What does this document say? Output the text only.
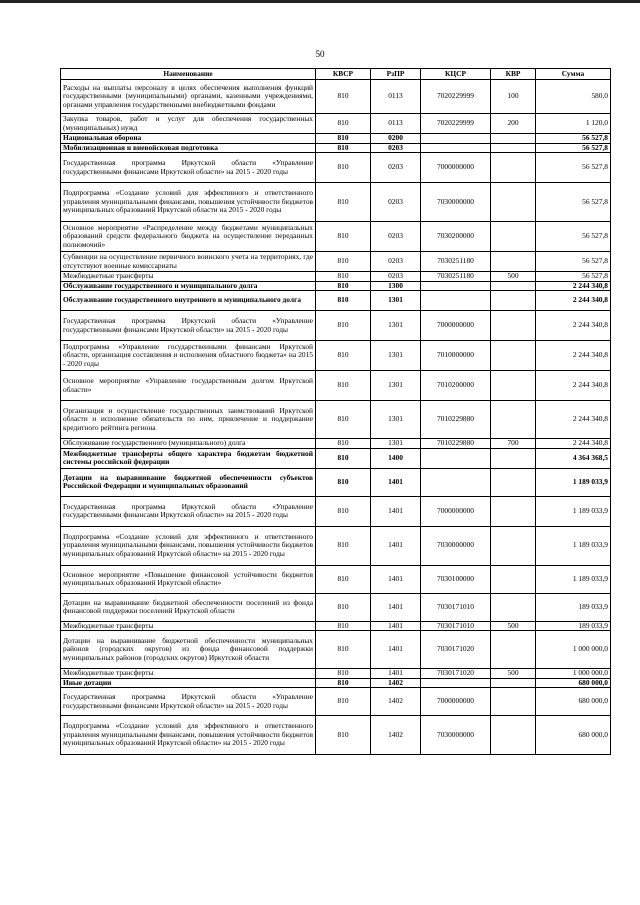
50
Наименование	КВСР	РзПР	КЦСР	КВР	Сумма
Расходы на выплаты персоналу в целях обеспечения выполнения функций государственными (муниципальными) органами, казенными учреждениями, органами управления государственными внебюджетными фондами	810	0113	7020229999	100	580,0
Закупка товаров, работ и услуг для обеспечения государственных (муниципальных) нужд	810	0113	7020229999	200	1 120,0
Национальная оборона	810	0200			56 527,8
Мобилизационная и вневойсковая подготовка	810	0203			56 527,8
Государственная программа Иркутской области «Управление государственными финансами Иркутской области» на 2015 - 2020 годы	810	0203	7000000000		56 527,8
Подпрограмма «Создание условий для эффективного и ответственного управления муниципальными финансами, повышения устойчивости бюджетов муниципальных образований Иркутской области на 2015 - 2020 годы	810	0203	7030000000		56 527,8
Основное мероприятие «Распределение между бюджетами муниципальных образований средств федерального бюджета на осуществление переданных полномочий»	810	0203	7030200000		56 527,8
Субвенции на осуществление первичного воинского учета на территориях, где отсутствуют военные комиссариаты	810	0203	7030251180		56 527,8
Межбюджетные трансферты	810	0203	7030251180	500	56 527,8
Обслуживание государственного и муниципального долга	810	1300			2 244 340,8
Обслуживание государственного внутреннего и муниципального долга	810	1301			2 244 340,8
Государственная программа Иркутской области «Управление государственными финансами Иркутской области» на 2015 - 2020 годы	810	1301	7000000000		2 244 340,8
Подпрограмма «Управление государственными финансами Иркутской области, организация составления и исполнения областного бюджета» на 2015 - 2020 годы	810	1301	7010000000		2 244 340,8
Основное мероприятие «Управление государственным долгом Иркутской области»	810	1301	7010200000		2 244 340,8
Организация и осуществление государственных заимствований Иркутской области и исполнение обязательств по ним, привлечение и поддержание кредитного рейтинга региона	810	1301	7010229880		2 244 340,8
Обслуживание государственного (муниципального) долга	810	1301	7010229880	700	2 244 340,8
Межбюджетные трансферты общего характера бюджетам бюджетной системы российской федерации	810	1400			4 364 368,5
Дотации на выравнивание бюджетной обеспеченности субъектов Российской Федерации и муниципальных образований	810	1401			1 189 033,9
Государственная программа Иркутской области «Управление государственными финансами Иркутской области» на 2015 - 2020 годы	810	1401	7000000000		1 189 033,9
Подпрограмма «Создание условий для эффективного и ответственного управления муниципальными финансами, повышения устойчивости бюджетов муниципальных образований Иркутской области» на 2015 - 2020 годы	810	1401	7030000000		1 189 033,9
Основное мероприятие «Повышение финансовой устойчивости бюджетов муниципальных образований Иркутской области»	810	1401	7030100000		1 189 033,9
Дотации на выравнивание бюджетной обеспеченности поселений из фонда финансовой поддержки поселений Иркутской области	810	1401	7030171010		189 033,9
Межбюджетные трансферты	810	1401	7030171010	500	189 033,9
Дотации на выравнивание бюджетной обеспеченности муниципальных районов (городских округов) из фонда финансовой поддержки муниципальных районов (городских округов) Иркутской области	810	1401	7030171020		1 000 000,0
Межбюджетные трансферты	810	1401	7030171020	500	1 000 000,0
Иные дотации	810	1402			680 000,0
Государственная программа Иркутской области «Управление государственными финансами Иркутской области» на 2015 - 2020 годы	810	1402	7000000000		680 000,0
Подпрограмма «Создание условий для эффективного и ответственного управления муниципальными финансами, повышения устойчивости бюджетов муниципальных образований Иркутской области» на 2015 - 2020 годы	810	1402	7030000000		680 000,0
